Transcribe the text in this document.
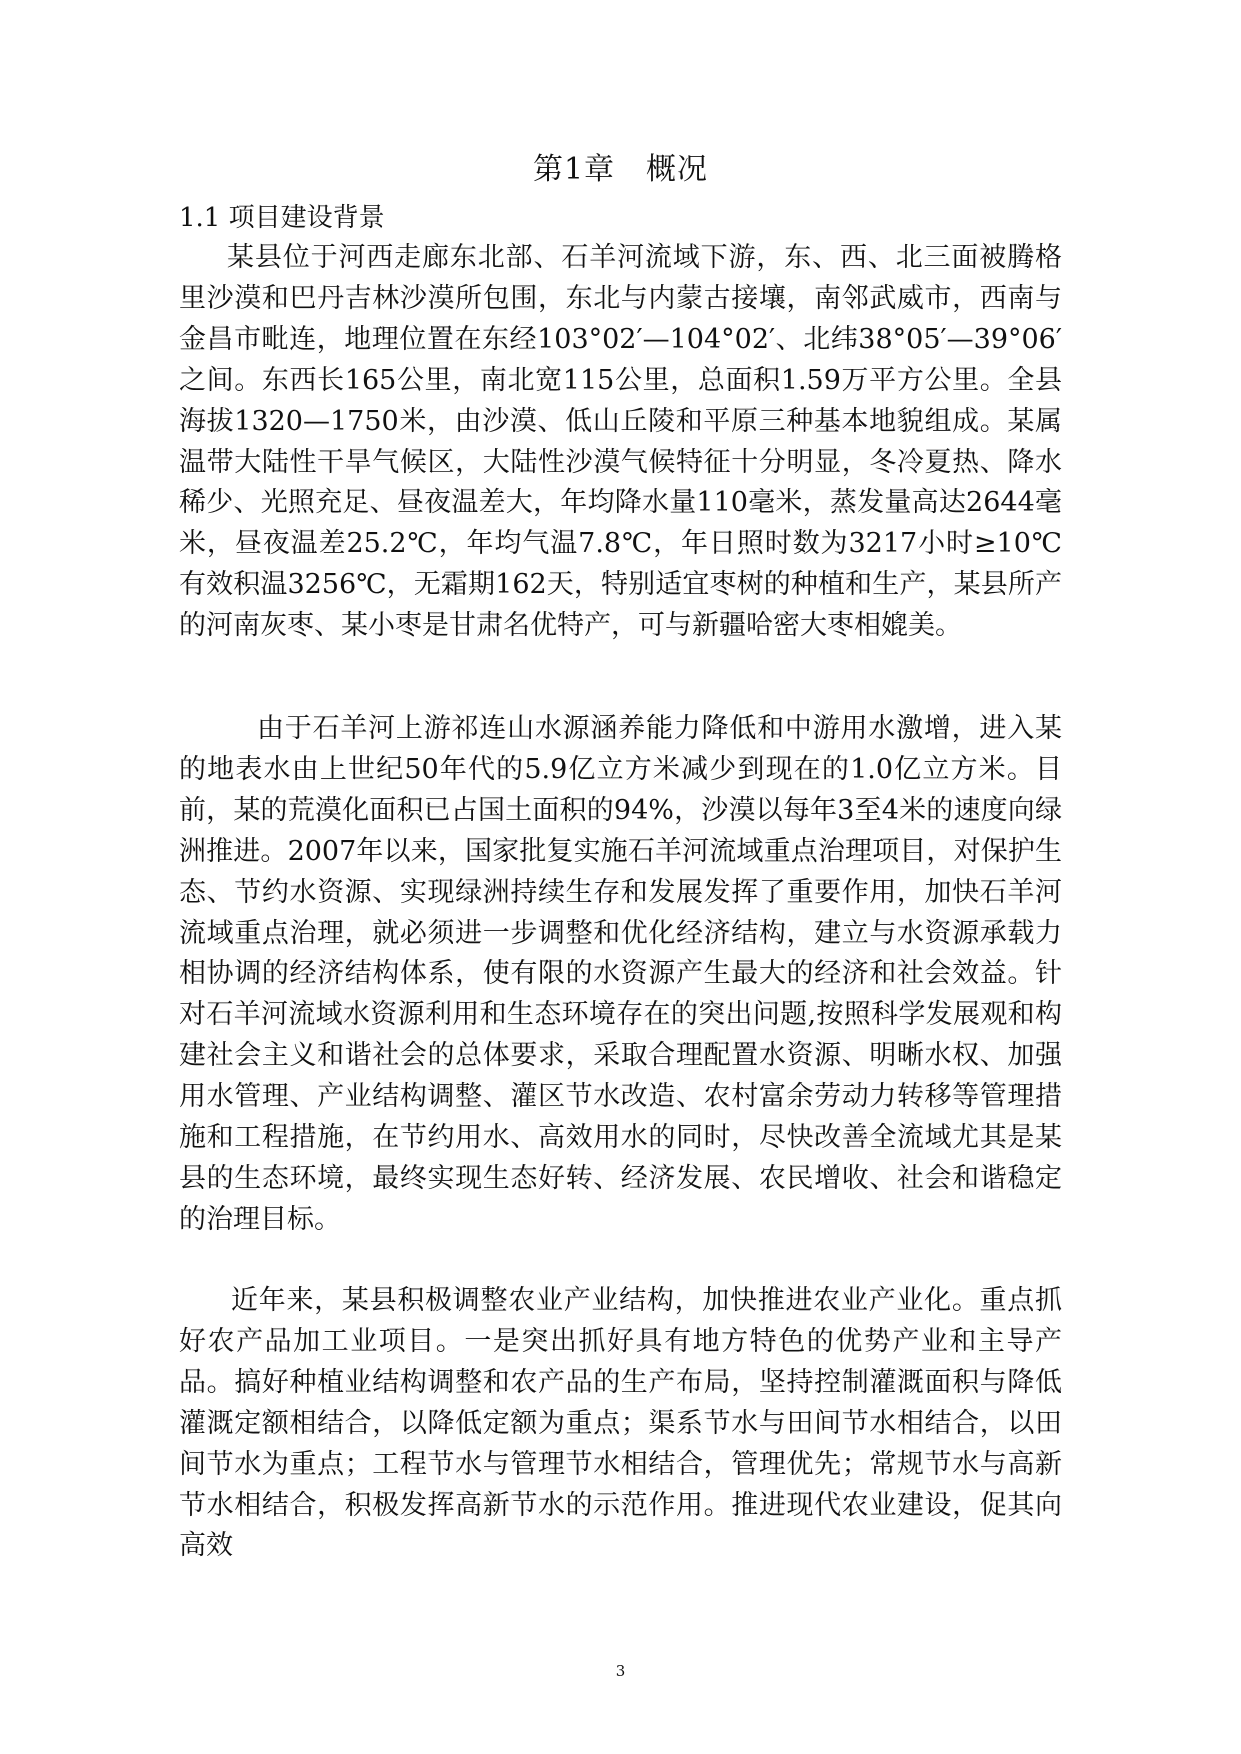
第1章　概况
1.1 项目建设背景

某县位于河西走廊东北部、石羊河流域下游，东、西、北三面被腾格里沙漠和巴丹吉林沙漠所包围，东北与内蒙古接壤，南邻武威市，西南与金昌市毗连，地理位置在东经103°02′—104°02′、北纬38°05′—39°06′之间。东西长165公里，南北宽115公里，总面积1.59万平方公里。全县海拔1320—1750米，由沙漠、低山丘陵和平原三种基本地貌组成。某属温带大陆性干旱气候区，大陆性沙漠气候特征十分明显，冬冷夏热、降水稀少、光照充足、昼夜温差大，年均降水量110毫米，蒸发量高达2644毫米，昼夜温差25.2℃，年均气温7.8℃，年日照时数为3217小时≥10℃有效积温3256℃，无霜期162天，特别适宜枣树的种植和生产，某县所产的河南灰枣、某小枣是甘肃名优特产，可与新疆哈密大枣相媲美。

由于石羊河上游祁连山水源涵养能力降低和中游用水激增，进入某的地表水由上世纪50年代的5.9亿立方米减少到现在的1.0亿立方米。目前，某的荒漠化面积已占国土面积的94%，沙漠以每年3至4米的速度向绿洲推进。2007年以来，国家批复实施石羊河流域重点治理项目，对保护生态、节约水资源、实现绿洲持续生存和发展发挥了重要作用，加快石羊河流域重点治理，就必须进一步调整和优化经济结构，建立与水资源承载力相协调的经济结构体系，使有限的水资源产生最大的经济和社会效益。针对石羊河流域水资源利用和生态环境存在的突出问题,按照科学发展观和构建社会主义和谐社会的总体要求，采取合理配置水资源、明晰水权、加强用水管理、产业结构调整、灌区节水改造、农村富余劳动力转移等管理措施和工程措施，在节约用水、高效用水的同时，尽快改善全流域尤其是某县的生态环境，最终实现生态好转、经济发展、农民增收、社会和谐稳定的治理目标。

近年来，某县积极调整农业产业结构，加快推进农业产业化。重点抓好农产品加工业项目。一是突出抓好具有地方特色的优势产业和主导产品。搞好种植业结构调整和农产品的生产布局，坚持控制灌溉面积与降低灌溉定额相结合，以降低定额为重点；渠系节水与田间节水相结合，以田间节水为重点；工程节水与管理节水相结合，管理优先；常规节水与高新节水相结合，积极发挥高新节水的示范作用。推进现代农业建设，促其向高效

3
